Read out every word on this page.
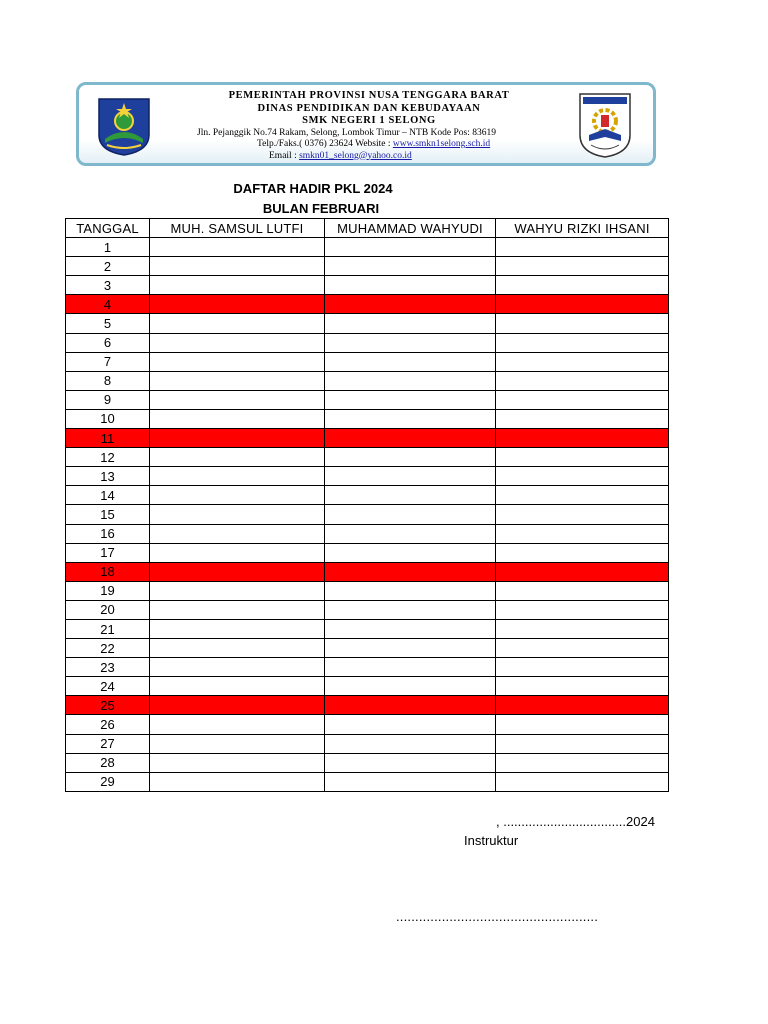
PEMERINTAH PROVINSI NUSA TENGGARA BARAT
DINAS PENDIDIKAN DAN KEBUDAYAAN
SMK NEGERI 1 SELONG
Jln. Pejanggik No.74 Rakam, Selong, Lombok Timur – NTB Kode Pos: 83619
Telp./Faks.( 0376) 23624 Website : www.smkn1selong.sch.id
Email : smkn01_selong@yahoo.co.id
DAFTAR HADIR PKL 2024
BULAN FEBRUARI
TANGGAL	MUH. SAMSUL LUTFI	MUHAMMAD WAHYUDI	WAHYU RIZKI IHSANI
1			
2			
3			
4			
5			
6			
7			
8			
9			
10			
11			
12			
13			
14			
15			
16			
17			
18			
19			
20			
21			
22			
23			
24			
25			
26			
27			
28			
29			
, ..................................2024
Instruktur
.....................................................
